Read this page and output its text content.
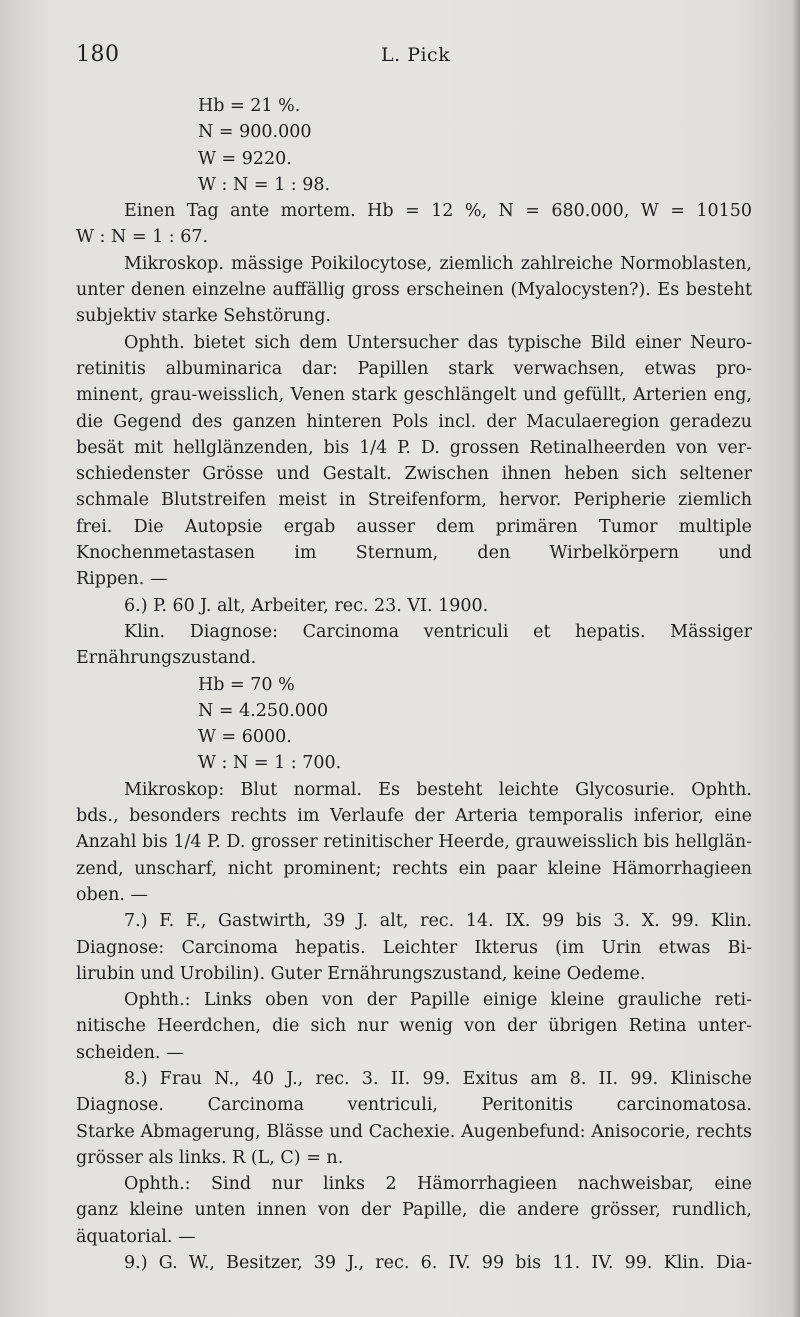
180	L. Pick
Hb = 21 %.
N = 900.000
W = 9220.
W : N = 1 : 98.
Einen Tag ante mortem. Hb = 12 %, N = 680.000, W = 10150
W : N = 1 : 67.
Mikroskop. mässige Poikilocytose, ziemlich zahlreiche Normoblasten,
unter denen einzelne auffällig gross erscheinen (Myalocysten?). Es besteht
subjektiv starke Sehstörung.
Ophth. bietet sich dem Untersucher das typische Bild einer Neuro-
retinitis albuminarica dar: Papillen stark verwachsen, etwas pro-
minent, grau-weisslich, Venen stark geschlängelt und gefüllt, Arterien eng,
die Gegend des ganzen hinteren Pols incl. der Maculaeregion geradezu
besät mit hellglänzenden, bis 1/4 P. D. grossen Retinalheerden von ver-
schiedenster Grösse und Gestalt. Zwischen ihnen heben sich seltener
schmale Blutstreifen meist in Streifenform, hervor. Peripherie ziemlich
frei. Die Autopsie ergab ausser dem primären Tumor multiple
Knochenmetastasen im Sternum, den Wirbelkörpern und
Rippen. —
6.) P. 60 J. alt, Arbeiter, rec. 23. VI. 1900.
Klin. Diagnose: Carcinoma ventriculi et hepatis. Mässiger
Ernährungszustand.
Hb = 70 %
N = 4.250.000
W = 6000.
W : N = 1 : 700.
Mikroskop: Blut normal. Es besteht leichte Glycosurie. Ophth.
bds., besonders rechts im Verlaufe der Arteria temporalis inferior, eine
Anzahl bis 1/4 P. D. grosser retinitischer Heerde, grauweisslich bis hellglän-
zend, unscharf, nicht prominent; rechts ein paar kleine Hämorrhagieen
oben. —
7.) F. F., Gastwirth, 39 J. alt, rec. 14. IX. 99 bis 3. X. 99. Klin.
Diagnose: Carcinoma hepatis. Leichter Ikterus (im Urin etwas Bi-
lirubin und Urobilin). Guter Ernährungszustand, keine Oedeme.
Ophth.: Links oben von der Papille einige kleine grauliche reti-
nitische Heerdchen, die sich nur wenig von der übrigen Retina unter-
scheiden. —
8.) Frau N., 40 J., rec. 3. II. 99. Exitus am 8. II. 99. Klinische
Diagnose. Carcinoma ventriculi, Peritonitis carcinomatosa.
Starke Abmagerung, Blässe und Cachexie. Augenbefund: Anisocorie, rechts
grösser als links. R (L, C) = n.
Ophth.: Sind nur links 2 Hämorrhagieen nachweisbar, eine
ganz kleine unten innen von der Papille, die andere grösser, rundlich,
äquatorial. —
9.) G. W., Besitzer, 39 J., rec. 6. IV. 99 bis 11. IV. 99. Klin. Dia-
